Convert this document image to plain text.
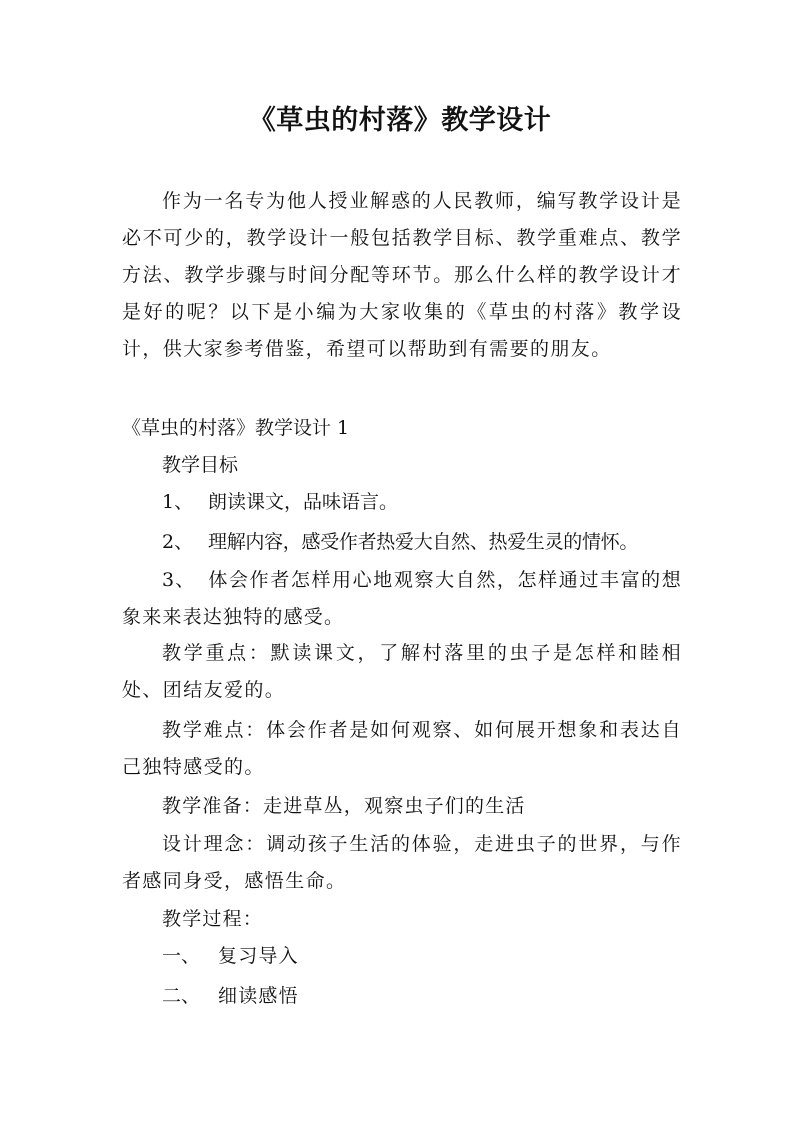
《草虫的村落》教学设计
作为一名专为他人授业解惑的人民教师，编写教学设计是必不可少的，教学设计一般包括教学目标、教学重难点、教学方法、教学步骤与时间分配等环节。那么什么样的教学设计才是好的呢？以下是小编为大家收集的《草虫的村落》教学设计，供大家参考借鉴，希望可以帮助到有需要的朋友。
《草虫的村落》教学设计 1
教学目标
1、 朗读课文，品味语言。
2、 理解内容，感受作者热爱大自然、热爱生灵的情怀。
3、 体会作者怎样用心地观察大自然，怎样通过丰富的想象来来表达独特的感受。
教学重点：默读课文，了解村落里的虫子是怎样和睦相处、团结友爱的。
教学难点：体会作者是如何观察、如何展开想象和表达自己独特感受的。
教学准备：走进草丛，观察虫子们的生活
设计理念：调动孩子生活的体验，走进虫子的世界，与作者感同身受，感悟生命。
教学过程：
一、 复习导入
二、 细读感悟
